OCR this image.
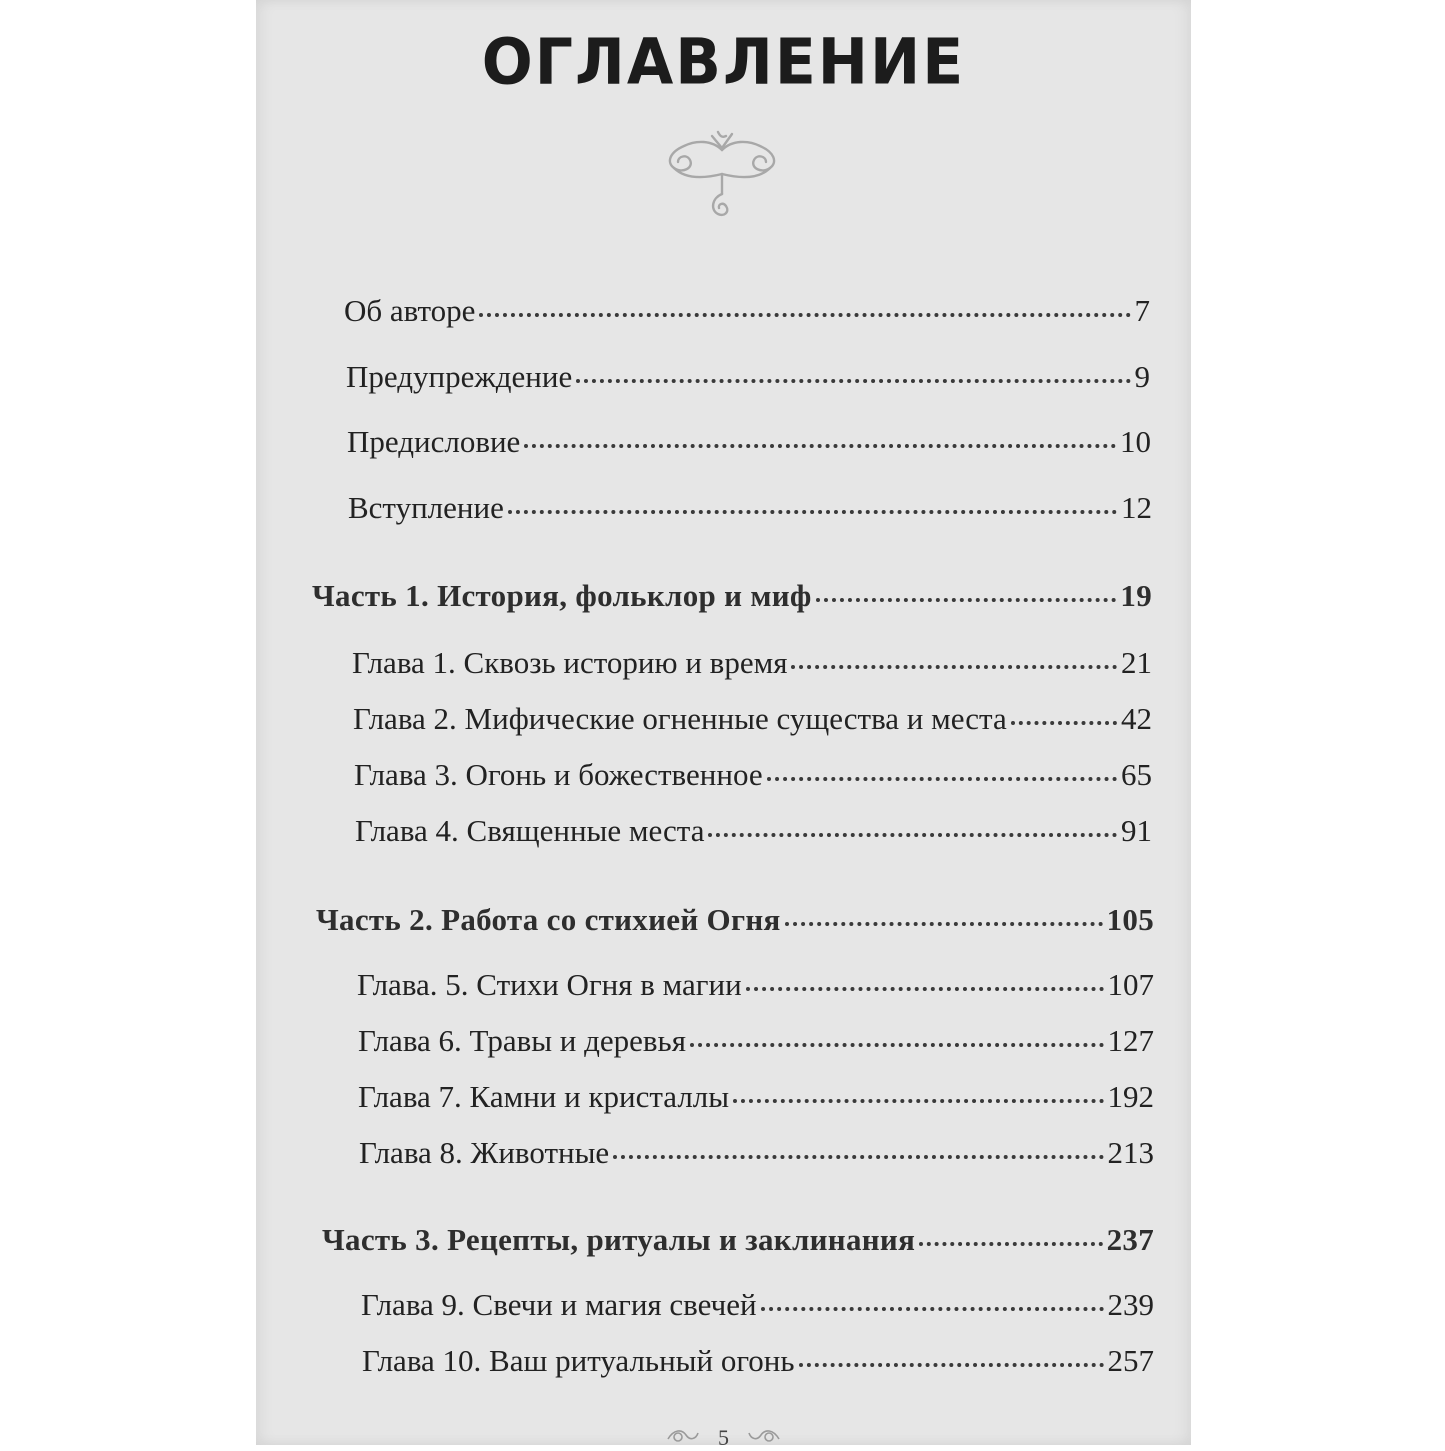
ОГЛАВЛЕНИЕ
Об авторе	7
Предупреждение	9
Предисловие	10
Вступление	12
Часть 1. История, фольклор и миф	19
Глава 1. Сквозь историю и время	21
Глава 2. Мифические огненные существа и места	42
Глава 3. Огонь и божественное	65
Глава 4. Священные места	91
Часть 2. Работа со стихией Огня	105
Глава. 5. Стихи Огня в магии	107
Глава 6. Травы и деревья	127
Глава 7. Камни и кристаллы	192
Глава 8. Животные	213
Часть 3. Рецепты, ритуалы и заклинания	237
Глава 9. Свечи и магия свечей	239
Глава 10. Ваш ритуальный огонь	257
5
